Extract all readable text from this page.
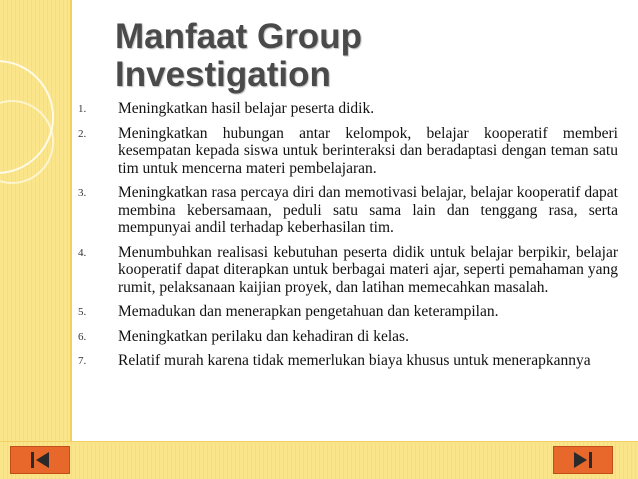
Manfaat Group
Investigation
1. Meningkatkan hasil belajar peserta didik.
2. Meningkatkan hubungan antar kelompok, belajar kooperatif memberi kesempatan kepada siswa untuk berinteraksi dan beradaptasi dengan teman satu tim untuk mencerna materi pembelajaran.
3. Meningkatkan rasa percaya diri dan memotivasi belajar, belajar kooperatif dapat membina kebersamaan, peduli satu sama lain dan tenggang rasa, serta mempunyai andil terhadap keberhasilan tim.
4. Menumbuhkan realisasi kebutuhan peserta didik untuk belajar berpikir, belajar kooperatif dapat diterapkan untuk berbagai materi ajar, seperti pemahaman yang rumit, pelaksanaan kaijian proyek, dan latihan memecahkan masalah.
5. Memadukan dan menerapkan pengetahuan dan keterampilan.
6. Meningkatkan perilaku dan kehadiran di kelas.
7. Relatif murah karena tidak memerlukan biaya khusus untuk menerapkannya
